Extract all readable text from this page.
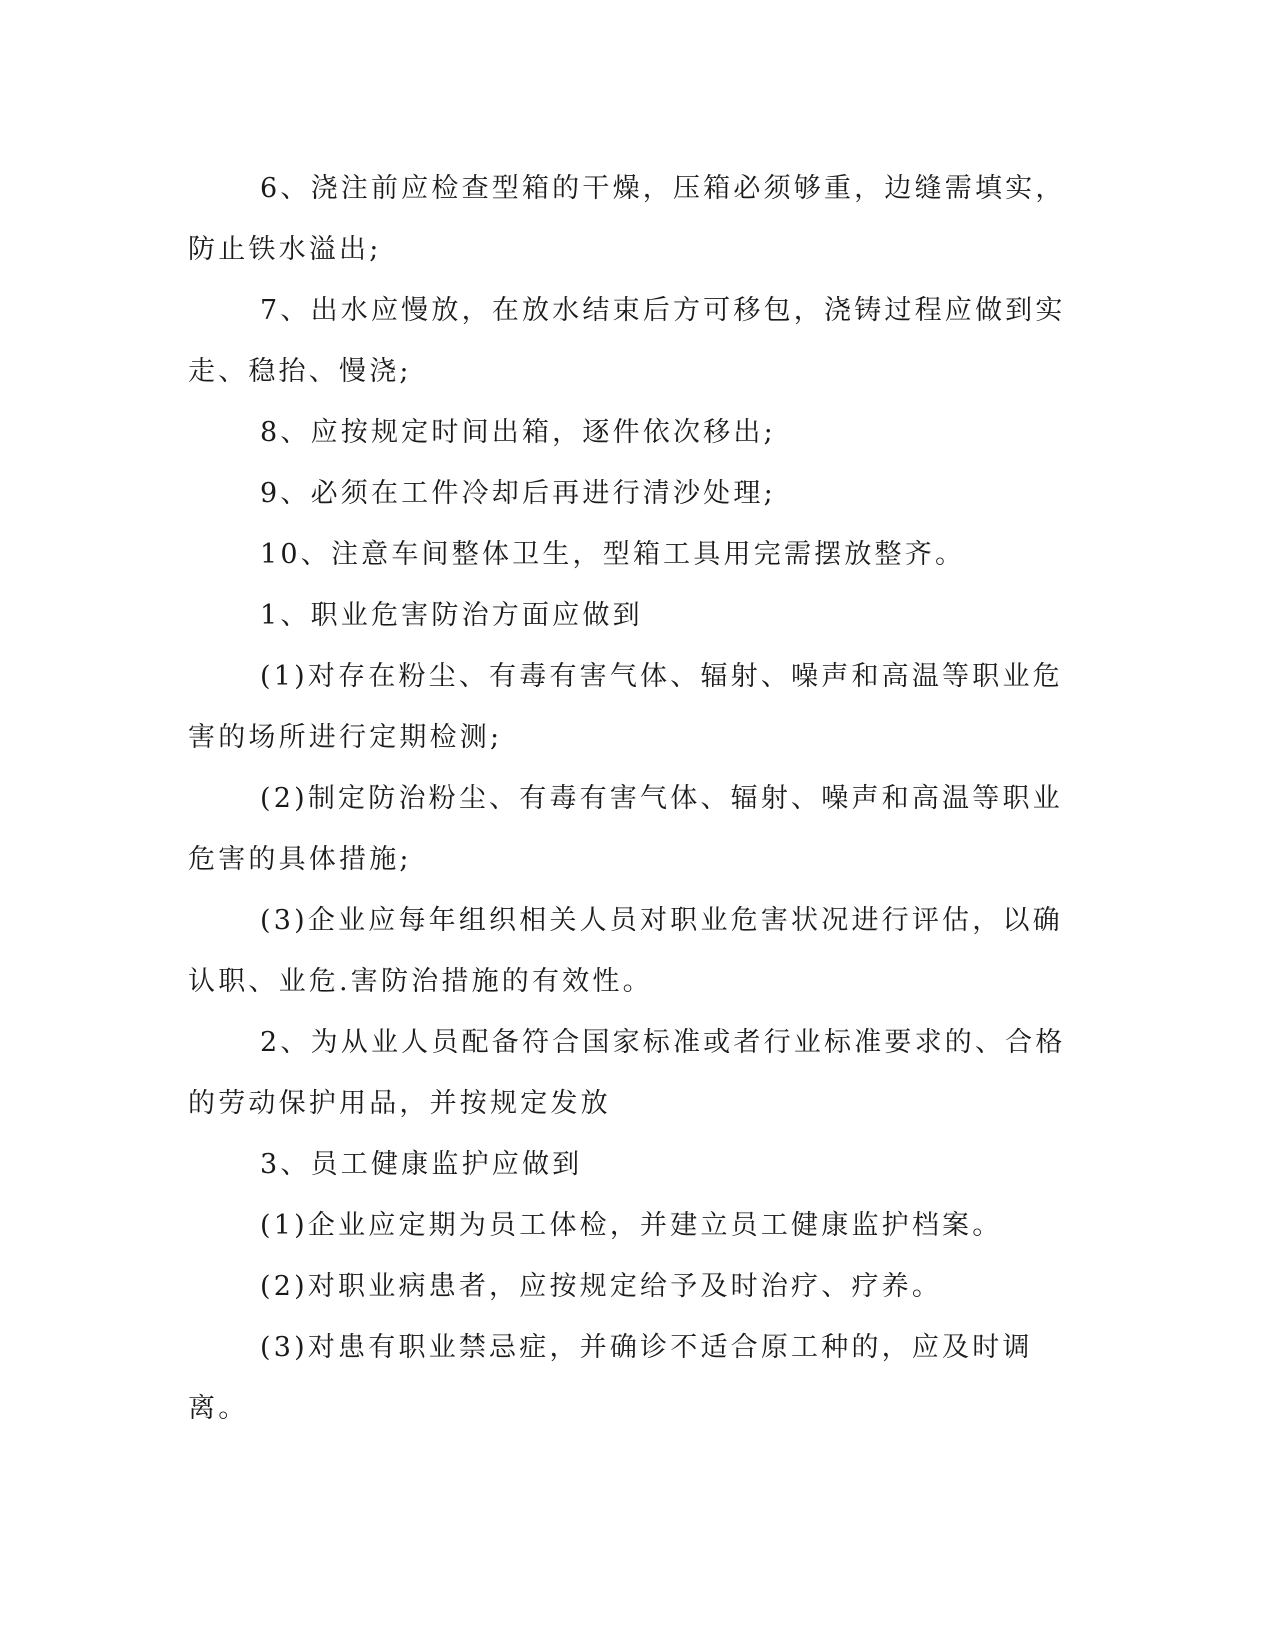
6、浇注前应检查型箱的干燥，压箱必须够重，边缝需填实，防止铁水溢出;

7、出水应慢放，在放水结束后方可移包，浇铸过程应做到实走、稳抬、慢浇;

8、应按规定时间出箱，逐件依次移出;

9、必须在工件冷却后再进行清沙处理;

10、注意车间整体卫生，型箱工具用完需摆放整齐。

1、职业危害防治方面应做到

(1)对存在粉尘、有毒有害气体、辐射、噪声和高温等职业危害的场所进行定期检测;

(2)制定防治粉尘、有毒有害气体、辐射、噪声和高温等职业危害的具体措施;

(3)企业应每年组织相关人员对职业危害状况进行评估，以确认职、业危.害防治措施的有效性。

2、为从业人员配备符合国家标准或者行业标准要求的、合格的劳动保护用品，并按规定发放

3、员工健康监护应做到

(1)企业应定期为员工体检，并建立员工健康监护档案。

(2)对职业病患者，应按规定给予及时治疗、疗养。

(3)对患有职业禁忌症，并确诊不适合原工种的，应及时调离。
